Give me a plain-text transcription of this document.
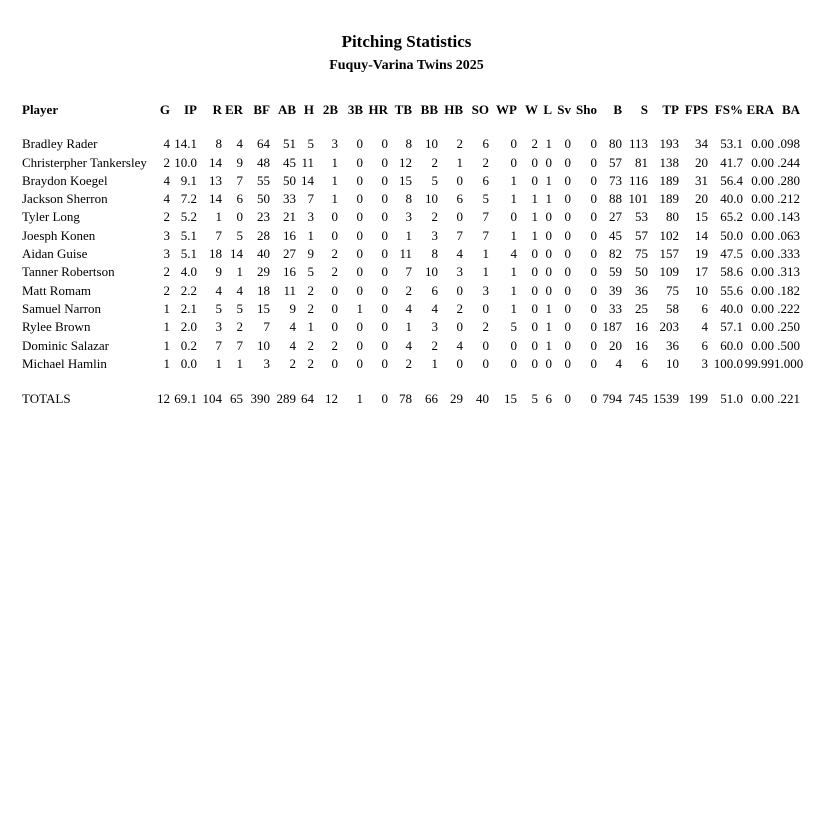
Pitching Statistics
Fuquy-Varina Twins 2025
Player	G	IP	R	ER	BF	AB	H	2B	3B	HR	TB	BB	HB	SO	WP	W	L	Sv	Sho	B	S	TP	FPS	FS%	ERA	BA
Bradley Rader	4	14.1	8	4	64	51	5	3	0	0	8	10	2	6	0	2	1	0	0	80	113	193	34	53.1	0.00	.098
Christerpher Tankersley	2	10.0	14	9	48	45	11	1	0	0	12	2	1	2	0	0	0	0	0	57	81	138	20	41.7	0.00	.244
Braydon Koegel	4	9.1	13	7	55	50	14	1	0	0	15	5	0	6	1	0	1	0	0	73	116	189	31	56.4	0.00	.280
Jackson Sherron	4	7.2	14	6	50	33	7	1	0	0	8	10	6	5	1	1	1	0	0	88	101	189	20	40.0	0.00	.212
Tyler Long	2	5.2	1	0	23	21	3	0	0	0	3	2	0	7	0	1	0	0	0	27	53	80	15	65.2	0.00	.143
Joesph Konen	3	5.1	7	5	28	16	1	0	0	0	1	3	7	7	1	1	0	0	0	45	57	102	14	50.0	0.00	.063
Aidan Guise	3	5.1	18	14	40	27	9	2	0	0	11	8	4	1	4	0	0	0	0	82	75	157	19	47.5	0.00	.333
Tanner Robertson	2	4.0	9	1	29	16	5	2	0	0	7	10	3	1	1	0	0	0	0	59	50	109	17	58.6	0.00	.313
Matt Romam	2	2.2	4	4	18	11	2	0	0	0	2	6	0	3	1	0	0	0	0	39	36	75	10	55.6	0.00	.182
Samuel Narron	1	2.1	5	5	15	9	2	0	1	0	4	4	2	0	1	0	1	0	0	33	25	58	6	40.0	0.00	.222
Rylee Brown	1	2.0	3	2	7	4	1	0	0	0	1	3	0	2	5	0	1	0	0	187	16	203	4	57.1	0.00	.250
Dominic Salazar	1	0.2	7	7	10	4	2	2	0	0	4	2	4	0	0	0	1	0	0	20	16	36	6	60.0	0.00	.500
Michael Hamlin	1	0.0	1	1	3	2	2	0	0	0	2	1	0	0	0	0	0	0	0	4	6	10	3	100.0	99.99	1.000
TOTALS	12	69.1	104	65	390	289	64	12	1	0	78	66	29	40	15	5	6	0	0	794	745	1539	199	51.0	0.00	.221
